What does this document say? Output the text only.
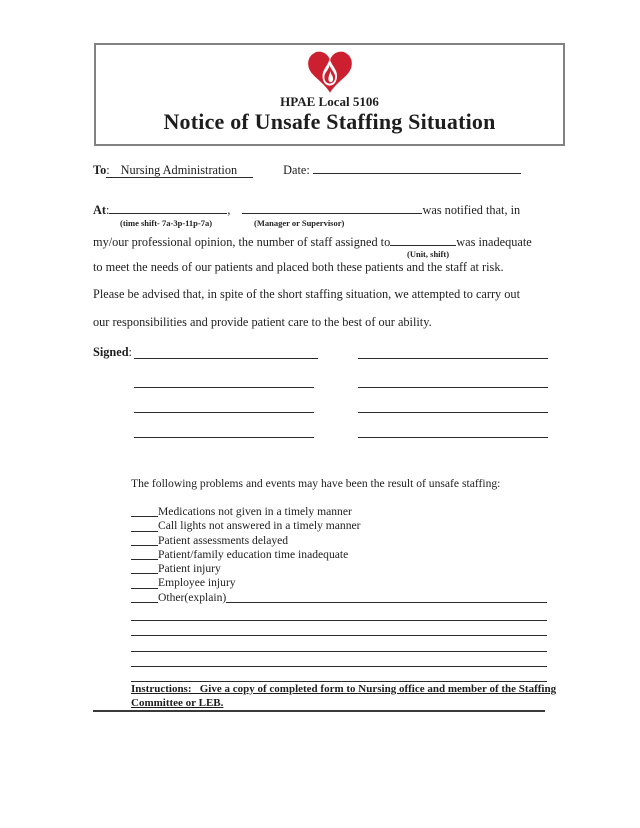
HPAE Local 5106
Notice of Unsafe Staffing Situation
To: Nursing Administration	Date:
At:	,	was notified that, in
(time shift- 7a-3p-11p-7a)	(Manager or Supervisor)
my/our professional opinion, the number of staff assigned to	was inadequate
(Unit, shift)
to meet the needs of our patients and placed both these patients and the staff at risk.
Please be advised that, in spite of the short staffing situation, we attempted to carry out
our responsibilities and provide patient care to the best of our ability.
Signed:
The following problems and events may have been the result of unsafe staffing:
Medications not given in a timely manner
Call lights not answered in a timely manner
Patient assessments delayed
Patient/family education time inadequate
Patient injury
Employee injury
Other(explain)
Instructions:   Give a copy of completed form to Nursing office and member of the Staffing
Committee or LEB.
